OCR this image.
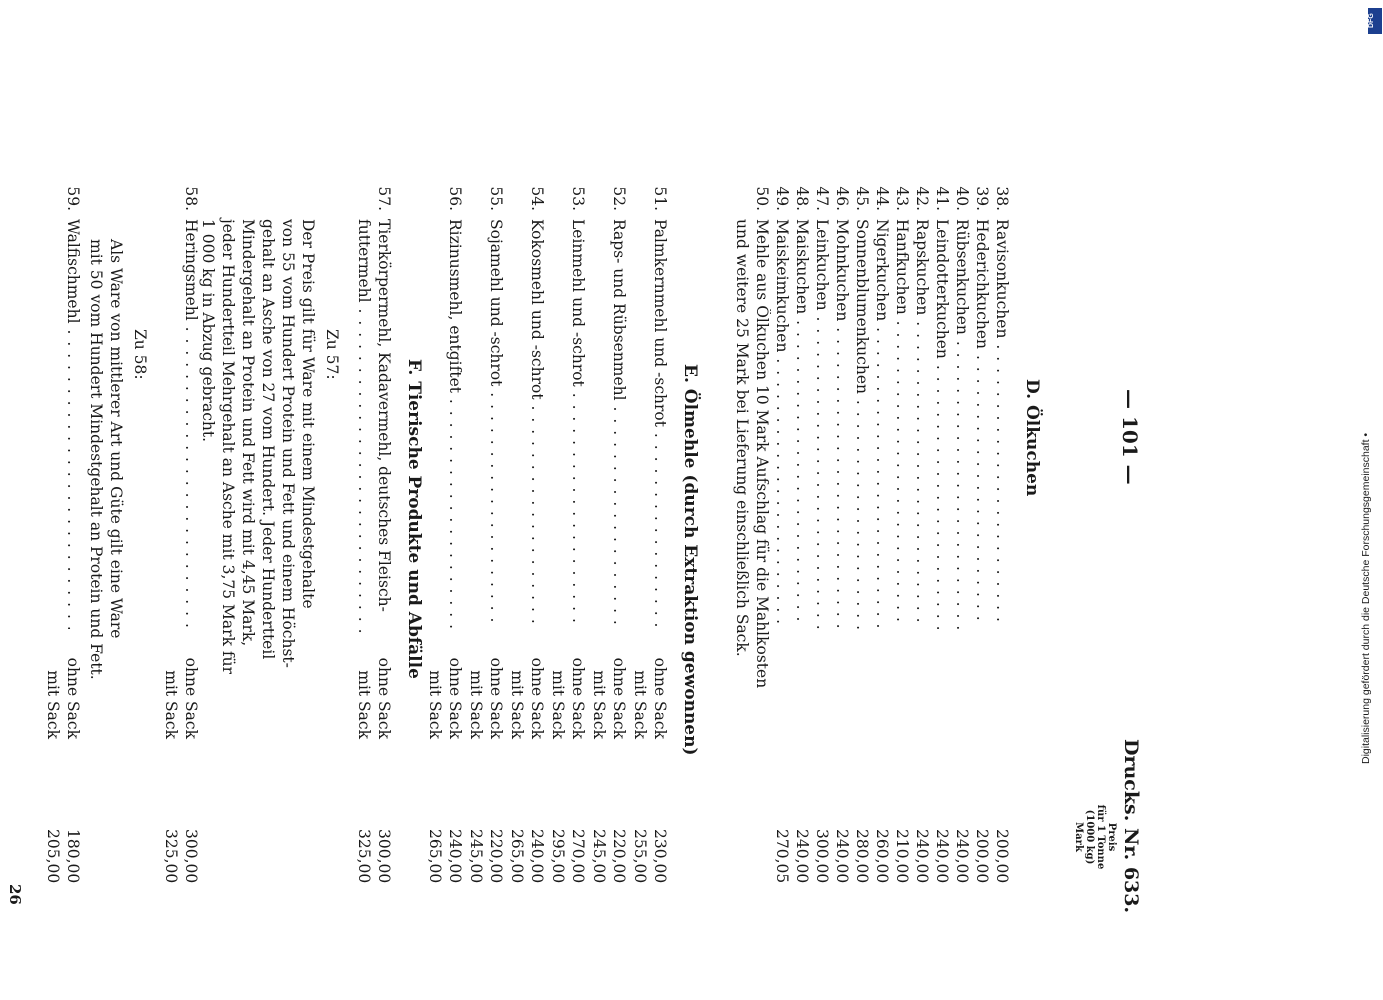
— 101 —
Drucks. Nr. 633.
Preis
für 1 Tonne
(1000 kg)
Mark
D. Ölkuchen
38.
Ravisonkuchen . . .
200,00
39.
Hederichkuchen . . .
200,00
40.
Rübsenkuchen . . .
240,00
41.
Leindotterkuchen . . .
240,00
42.
Rapskuchen . . .
240,00
43.
Hanfkuchen . . .
210,00
44.
Nigerkuchen . . .
260,00
45.
Sonnenblumenkuchen . . .
280,00
46.
Mohnkuchen . . .
240,00
47.
Leinkuchen . . .
300,00
48.
Maiskuchen . . .
240,00
49.
Maiskeimkuchen . . .
270,05
50.
Mehle aus Ölkuchen 10 Mark Aufschlag für die Mahlkosten
und weitere 25 Mark bei Lieferung einschließlich Sack.
E. Ölmehle (durch Extraktion gewonnen)
51.
Palmkernmehl und -schrot . . .
ohne Sack
230,00
mit Sack
255,00
52.
Raps- und Rübsenmehl . . .
ohne Sack
220,00
mit Sack
245,00
53.
Leinmehl und -schrot . . .
ohne Sack
270,00
mit Sack
295,00
54.
Kokosmehl und -schrot . . .
ohne Sack
240,00
mit Sack
265,00
55.
Sojamehl und -schrot . . .
ohne Sack
220,00
mit Sack
245,00
56.
Rizinusmehl, entgiftet . . .
ohne Sack
240,00
mit Sack
265,00
F. Tierische Produkte und Abfälle
57.
Tierkörpermehl, Kadavermehl, deutsches Fleisch-
ohne Sack
300,00
futtermehl . . .
mit Sack
325,00
Zu 57:
Der Preis gilt für Ware mit einem Mindestgehalte
von 55 vom Hundert Protein und Fett und einem Höchst-
gehalt an Asche von 27 vom Hundert. Jeder Hundertteil
Mindergehalt an Protein und Fett wird mit 4,45 Mark,
jeder Hundertteil Mehrgehalt an Asche mit 3,75 Mark für
1 000 kg in Abzug gebracht.
58.
Heringsmehl . . .
ohne Sack
300,00
mit Sack
325,00
Zu 58:
Als Ware von mittlerer Art und Güte gilt eine Ware
mit 50 vom Hundert Mindestgehalt an Protein und Fett.
59.
Walfischmehl . . .
ohne Sack
180,00
mit Sack
205,00
26
DFG
Digitalisierung gefördert durch die Deutsche Forschungsgemeinschaft •
